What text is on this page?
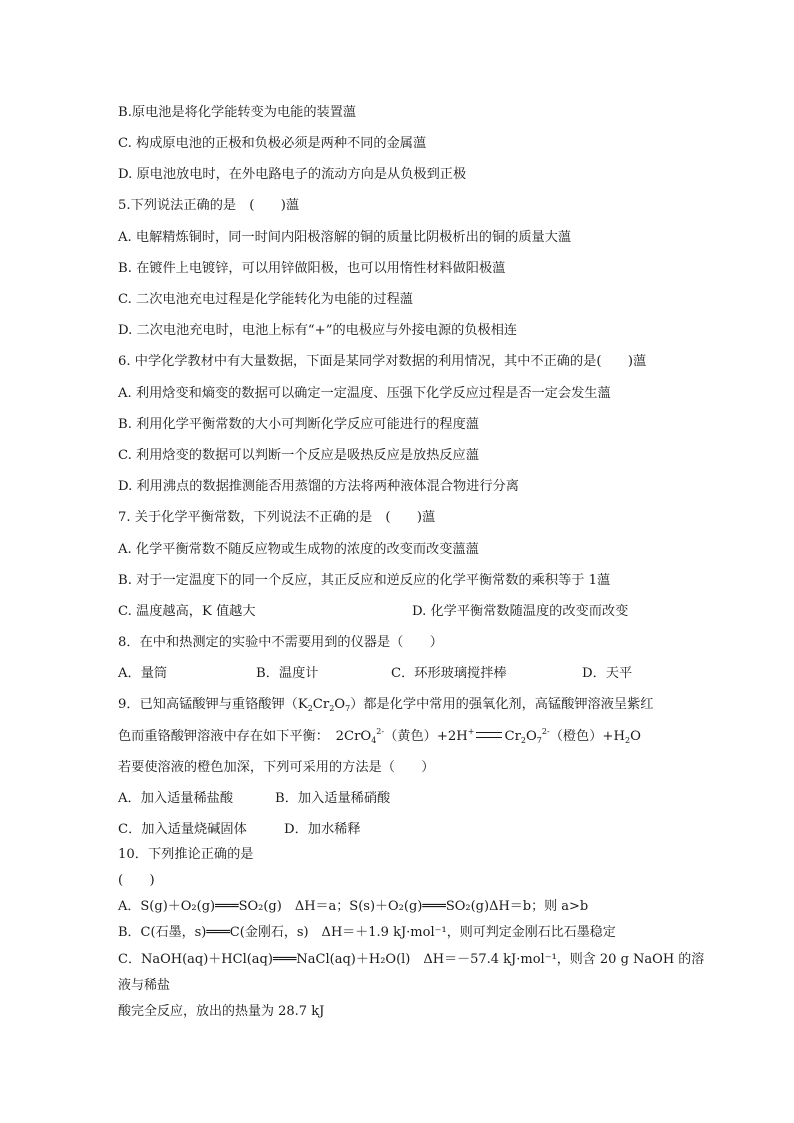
B.原电池是将化学能转变为电能的装置薀
C. 构成原电池的正极和负极必须是两种不同的金属薀
D. 原电池放电时，在外电路电子的流动方向是从负极到正极
5.下列说法正确的是　(　　)薀
A. 电解精炼铜时，同一时间内阳极溶解的铜的质量比阴极析出的铜的质量大薀
B. 在镀件上电镀锌，可以用锌做阳极，也可以用惰性材料做阳极薀
C. 二次电池充电过程是化学能转化为电能的过程薀
D. 二次电池充电时，电池上标有“+”的电极应与外接电源的负极相连
6. 中学化学教材中有大量数据，下面是某同学对数据的利用情况，其中不正确的是(　　)薀
A. 利用焓变和熵变的数据可以确定一定温度、压强下化学反应过程是否一定会发生薀
B. 利用化学平衡常数的大小可判断化学反应可能进行的程度薀
C. 利用焓变的数据可以判断一个反应是吸热反应是放热反应薀
D. 利用沸点的数据推测能否用蒸馏的方法将两种液体混合物进行分离
7. 关于化学平衡常数，下列说法不正确的是　(　　)薀
A. 化学平衡常数不随反应物或生成物的浓度的改变而改变薀薀
B. 对于一定温度下的同一个反应，其正反应和逆反应的化学平衡常数的乘积等于 1薀
C. 温度越高，K 值越大	D. 化学平衡常数随温度的改变而改变
8．在中和热测定的实验中不需要用到的仪器是（　　）
A．量筒	B．温度计	C．环形玻璃搅拌棒	D．天平
9．已知高锰酸钾与重铬酸钾$(K_2Cr_2O_7)$都是化学中常用的强氧化剂，高锰酸钾溶液呈紫红
色而重铬酸钾溶液中存在如下平衡：　2CrO$_4^{2-}$（黄色）+2H+ $Cr_2O_7^{2-}$（橙色）$+H_2O$
若要使溶液的橙色加深，下列可采用的方法是（　　）
A．加入适量稀盐酸	B．加入适量稀硝酸
C．加入适量烧碱固体	D．加水稀释
10．下列推论正确的是
(　　)
A．S(g)＋O₂(g)═══SO₂(g)　ΔH＝a；S(s)＋O₂(g)═══SO₂(g)ΔH＝b；则 a>b
B．C(石墨，s)═══C(金刚石，s)　ΔH＝＋1.9 kJ·mol⁻¹，则可判定金刚石比石墨稳定
C．NaOH(aq)＋HCl(aq)═══NaCl(aq)＋H₂O(l)　ΔH＝－57.4 kJ·mol⁻¹，则含 20 g NaOH 的溶
液与稀盐
酸完全反应，放出的热量为 28.7 kJ
